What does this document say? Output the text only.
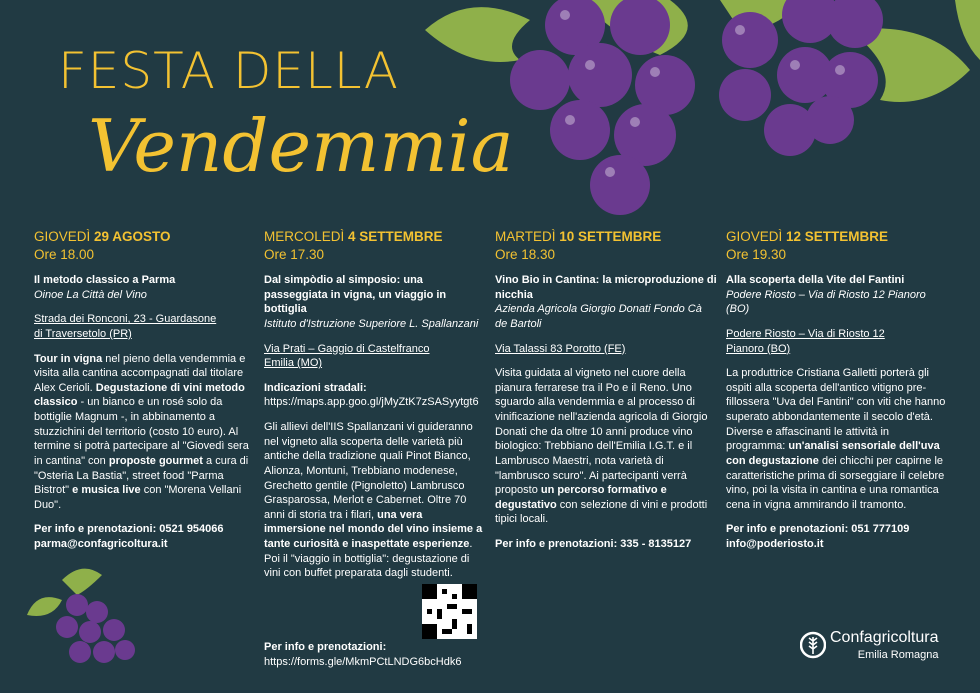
FESTA DELLA
Vendemmia
GIOVEDÌ 29 AGOSTO
Ore 18.00
Il metodo classico a Parma
Oinoe La Città del Vino
Strada dei Ronconi, 23 - Guardasone
di Traversetolo (PR)
Tour in vigna nel pieno della vendemmia e visita alla cantina accompagnati dal titolare Alex Cerioli. Degustazione di vini metodo classico - un bianco e un rosé solo da bottiglie Magnum -, in abbinamento a stuzzichini del territorio (costo 10 euro). Al termine si potrà partecipare al "Giovedì sera in cantina" con proposte gourmet a cura di "Osteria La Bastia", street food "Parma Bistrot" e musica live con "Morena Vellani Duo".
Per info e prenotazioni: 0521 954066
parma@confagricoltura.it
MERCOLEDÌ 4 SETTEMBRE
Ore 17.30
Dal simpòdio al simposio: una passeggiata in vigna, un viaggio in bottiglia
Istituto d'Istruzione Superiore L. Spallanzani
Via Prati – Gaggio di Castelfranco
Emilia (MO)
Indicazioni stradali:
https://maps.app.goo.gl/jMyZtK7zSASyytgt6
Gli allievi dell'IIS Spallanzani vi guideranno nel vigneto alla scoperta delle varietà più antiche della tradizione quali Pinot Bianco, Alionza, Montuni, Trebbiano modenese, Grechetto gentile (Pignoletto) Lambrusco Grasparossa, Merlot e Cabernet. Oltre 70 anni di storia tra i filari, una vera immersione nel mondo del vino insieme a tante curiosità e inaspettate esperienze. Poi il "viaggio in bottiglia": degustazione di vini con buffet preparata dagli studenti.
Per info e prenotazioni:
https://forms.gle/MkmPCtLNDG6bcHdk6
MARTEDÌ 10 SETTEMBRE
Ore 18.30
Vino Bio in Cantina: la microproduzione di nicchia
Azienda Agricola Giorgio Donati Fondo Cà de Bartoli
Via Talassi 83 Porotto (FE)
Visita guidata al vigneto nel cuore della pianura ferrarese tra il Po e il Reno. Uno sguardo alla vendemmia e al processo di vinificazione nell'azienda agricola di Giorgio Donati che da oltre 10 anni produce vino biologico: Trebbiano dell'Emilia I.G.T. e il Lambrusco Maestri, nota varietà di "lambrusco scuro". Ai partecipanti verrà proposto un percorso formativo e degustativo con selezione di vini e prodotti tipici locali.
Per info e prenotazioni: 335 - 8135127
GIOVEDÌ 12 SETTEMBRE
Ore 19.30
Alla scoperta della Vite del Fantini
Podere Riosto – Via di Riosto 12 Pianoro (BO)
Podere Riosto – Via di Riosto 12
Pianoro (BO)
La produttrice Cristiana Galletti porterà gli ospiti alla scoperta dell'antico vitigno pre-fillossera "Uva del Fantini" con viti che hanno superato abbondantemente il secolo d'età. Diverse e affascinanti le attività in programma: un'analisi sensoriale dell'uva con degustazione dei chicchi per capirne le caratteristiche prima di sorseggiare il celebre vino, poi la visita in cantina e una romantica cena in vigna ammirando il tramonto.
Per info e prenotazioni: 051 777109
info@poderiosto.it
Confagricoltura
Emilia Romagna
